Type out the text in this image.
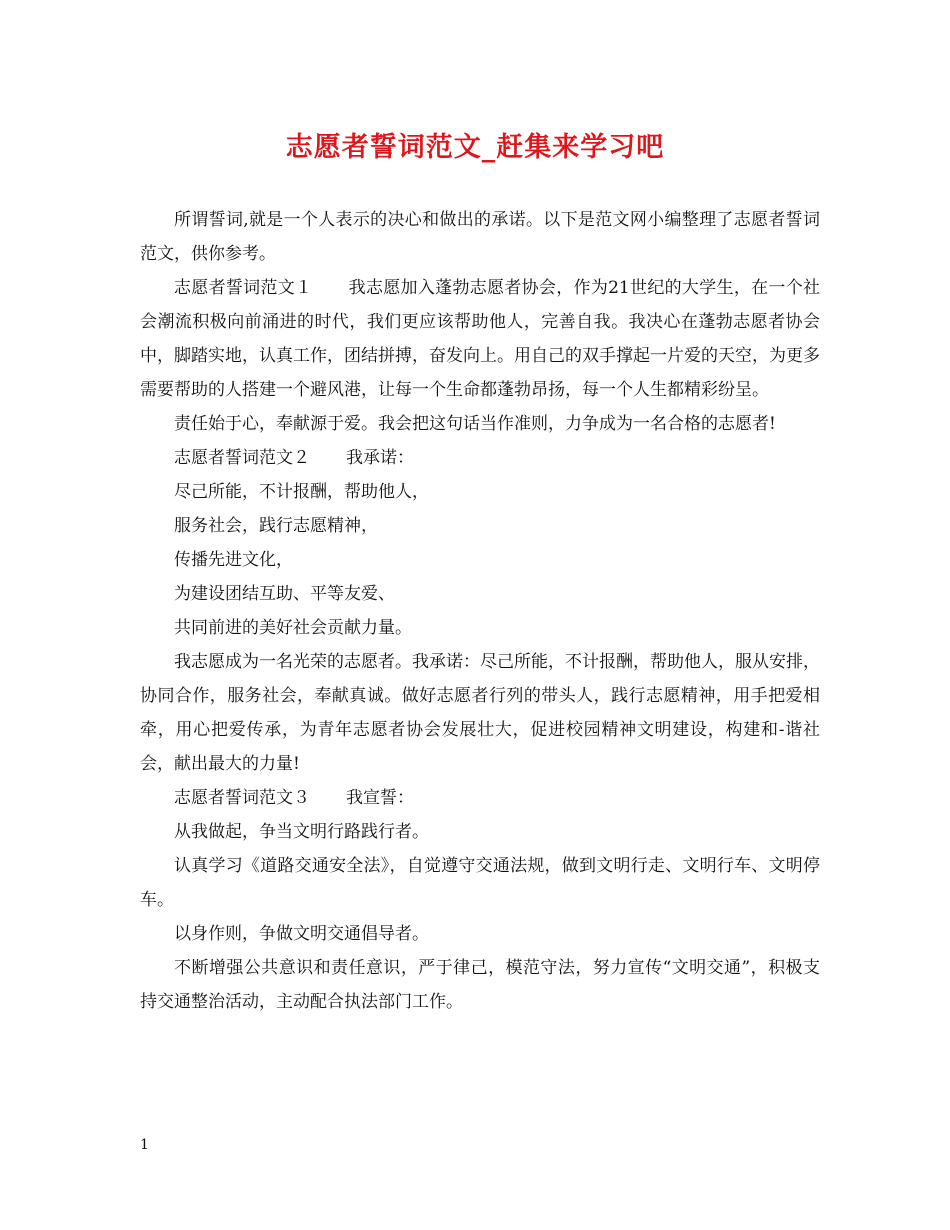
志愿者誓词范文_赶集来学习吧

所谓誓词,就是一个人表示的决心和做出的承诺。以下是范文网小编整理了志愿者誓词范文，供你参考。

志愿者誓词范文１ 我志愿加入蓬勃志愿者协会，作为21世纪的大学生，在一个社会潮流积极向前涌进的时代，我们更应该帮助他人，完善自我。我决心在蓬勃志愿者协会中，脚踏实地，认真工作，团结拼搏，奋发向上。用自己的双手撑起一片爱的天空，为更多需要帮助的人搭建一个避风港，让每一个生命都蓬勃昂扬，每一个人生都精彩纷呈。

责任始于心，奉献源于爱。我会把这句话当作准则，力争成为一名合格的志愿者!

志愿者誓词范文２ 我承诺：

尽己所能，不计报酬，帮助他人，

服务社会，践行志愿精神，

传播先进文化，

为建设团结互助、平等友爱、

共同前进的美好社会贡献力量。

我志愿成为一名光荣的志愿者。我承诺：尽己所能，不计报酬，帮助他人，服从安排，协同合作，服务社会，奉献真诚。做好志愿者行列的带头人，践行志愿精神，用手把爱相牵，用心把爱传承，为青年志愿者协会发展壮大，促进校园精神文明建设，构建和-谐社会，献出最大的力量!

志愿者誓词范文３ 我宣誓：

从我做起，争当文明行路践行者。

认真学习《道路交通安全法》，自觉遵守交通法规，做到文明行走、文明行车、文明停车。

以身作则，争做文明交通倡导者。

不断增强公共意识和责任意识，严于律己，模范守法，努力宣传“文明交通”，积极支持交通整治活动，主动配合执法部门工作。

1
